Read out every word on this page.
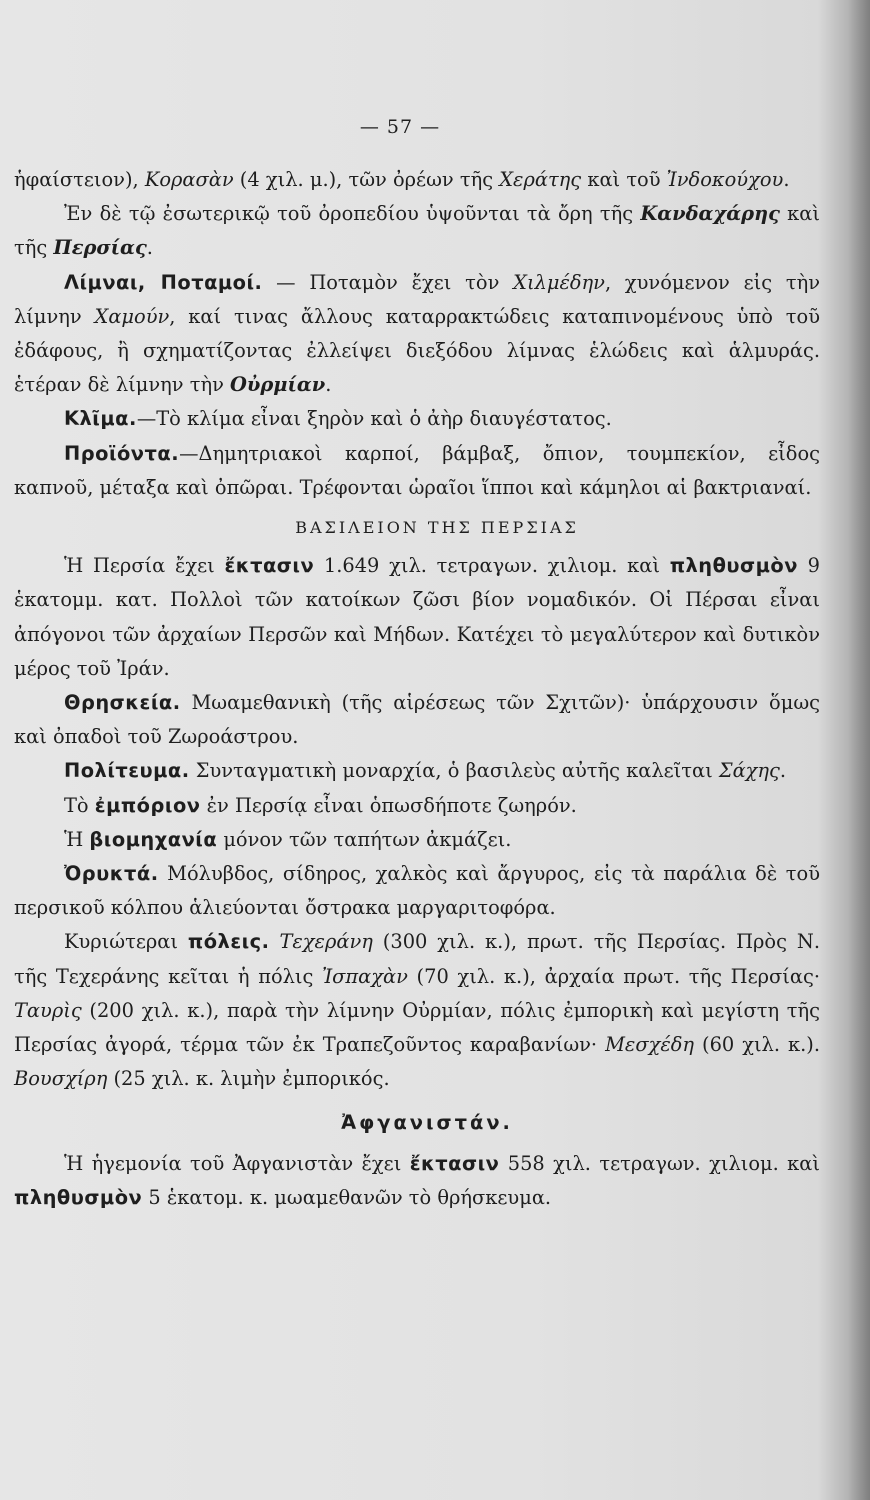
— 57 —

ἡφαίστειον), Κορασὰν (4 χιλ. μ.), τῶν ὀρέων τῆς Χεράτης καὶ τοῦ Ἰνδοκούχου.

Ἐν δὲ τῷ ἐσωτερικῷ τοῦ ὀροπεδίου ὑψοῦνται τὰ ὄρη τῆς Κανδαχάρης καὶ τῆς Περσίας.

Λίμναι, Ποταμοί. — Ποταμὸν ἔχει τὸν Χιλμέδην, χυνόμενον εἰς τὴν λίμνην Χαμούν, καί τινας ἄλλους καταρρακτώδεις καταπινομένους ὑπὸ τοῦ ἐδάφους, ἢ σχηματίζοντας ἐλλείψει διεξόδου λίμνας ἑλώδεις καὶ ἁλμυράς. ἑτέραν δὲ λίμνην τὴν Οὐρμίαν.

Κλῖμα.—Τὸ κλίμα εἶναι ξηρὸν καὶ ὁ ἀὴρ διαυγέστατος.

Προϊόντα.—Δημητριακοὶ καρποί, βάμβαξ, ὄπιον, τουμπεκίον, εἶδος καπνοῦ, μέταξα καὶ ὀπῶραι. Τρέφονται ὡραῖοι ἵπποι καὶ κάμηλοι αἱ βακτριαναί.

ΒΑΣΙΛΕΙΟΝ ΤΗΣ ΠΕΡΣΙΑΣ

Ἡ Περσία ἔχει ἔκτασιν 1.649 χιλ. τετραγων. χιλιομ. καὶ πληθυσμὸν 9 ἑκατομμ. κατ. Πολλοὶ τῶν κατοίκων ζῶσι βίον νομαδικόν. Οἱ Πέρσαι εἶναι ἀπόγονοι τῶν ἀρχαίων Περσῶν καὶ Μήδων. Κατέχει τὸ μεγαλύτερον καὶ δυτικὸν μέρος τοῦ Ἰράν.

Θρησκεία. Μωαμεθανικὴ (τῆς αἱρέσεως τῶν Σχιτῶν)· ὑπάρχουσιν ὅμως καὶ ὀπαδοὶ τοῦ Ζωροάστρου.

Πολίτευμα. Συνταγματικὴ μοναρχία, ὁ βασιλεὺς αὐτῆς καλεῖται Σάχης.

Τὸ ἐμπόριον ἐν Περσίᾳ εἶναι ὁπωσδήποτε ζωηρόν.

Ἡ βιομηχανία μόνον τῶν ταπήτων ἀκμάζει.

Ὀρυκτά. Μόλυβδος, σίδηρος, χαλκὸς καὶ ἄργυρος, εἰς τὰ παράλια δὲ τοῦ περσικοῦ κόλπου ἁλιεύονται ὄστρακα μαργαριτοφόρα.

Κυριώτεραι πόλεις. Τεχεράνη (300 χιλ. κ.), πρωτ. τῆς Περσίας. Πρὸς Ν. τῆς Τεχεράνης κεῖται ἡ πόλις Ἰσπαχὰν (70 χιλ. κ.), ἀρχαία πρωτ. τῆς Περσίας· Ταυρὶς (200 χιλ. κ.), παρὰ τὴν λίμνην Οὐρμίαν, πόλις ἐμπορικὴ καὶ μεγίστη τῆς Περσίας ἀγορά, τέρμα τῶν ἐκ Τραπεζοῦντος καραβανίων· Μεσχέδη (60 χιλ. κ.). Βουσχίρη (25 χιλ. κ. λιμὴν ἐμπορικός.

Ἀφγανιστάν.

Ἡ ἡγεμονία τοῦ Ἀφγανιστὰν ἔχει ἔκτασιν 558 χιλ. τετραγων. χιλιομ. καὶ πληθυσμὸν 5 ἑκατομ. κ. μωαμεθανῶν τὸ θρήσκευμα.
